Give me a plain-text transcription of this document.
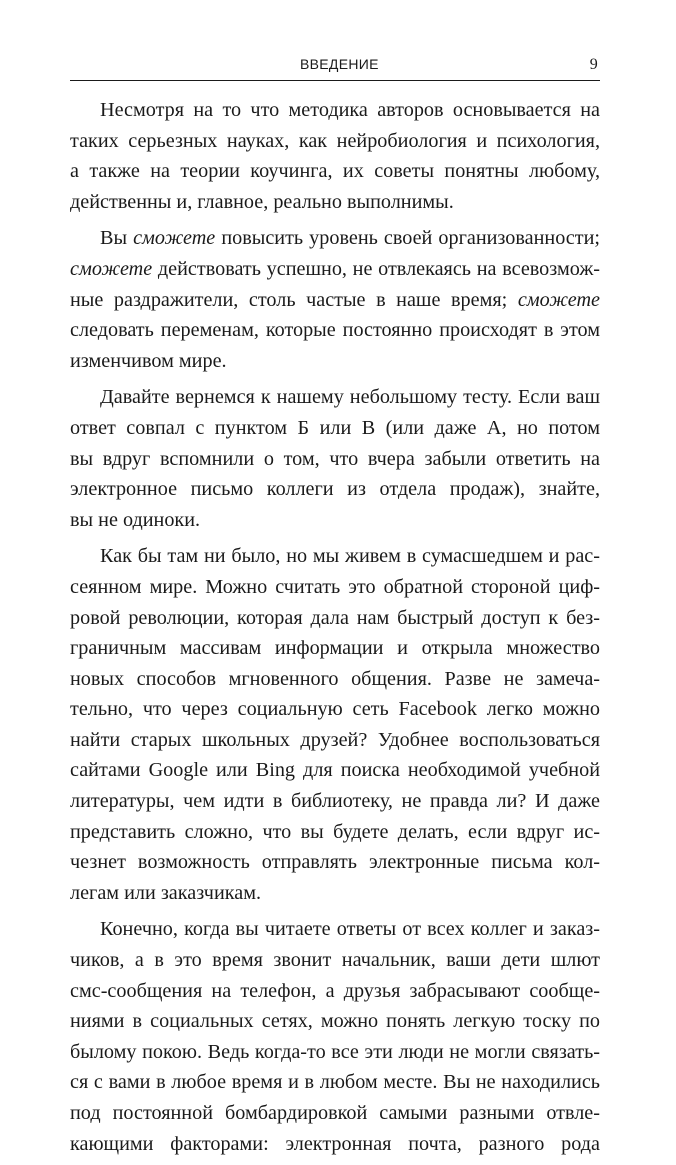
ВВЕДЕНИЕ	9
Несмотря на то что методика авторов основывается на
таких серьезных науках, как нейробиология и психология,
а также на теории коучинга, их советы понятны любому,
действенны и, главное, реально выполнимы.
Вы сможете повысить уровень своей организованности;
сможете действовать успешно, не отвлекаясь на всевозмож-
ные раздражители, столь частые в наше время; сможете
следовать переменам, которые постоянно происходят в этом
изменчивом мире.
Давайте вернемся к нашему небольшому тесту. Если ваш
ответ совпал с пунктом Б или В (или даже А, но потом
вы вдруг вспомнили о том, что вчера забыли ответить на
электронное письмо коллеги из отдела продаж), знайте,
вы не одиноки.
Как бы там ни было, но мы живем в сумасшедшем и рас-
сеянном мире. Можно считать это обратной стороной циф-
ровой революции, которая дала нам быстрый доступ к без-
граничным массивам информации и открыла множество
новых способов мгновенного общения. Разве не замеча-
тельно, что через социальную сеть Facebook легко можно
найти старых школьных друзей? Удобнее воспользоваться
сайтами Google или Bing для поиска необходимой учебной
литературы, чем идти в библиотеку, не правда ли? И даже
представить сложно, что вы будете делать, если вдруг ис-
чезнет возможность отправлять электронные письма кол-
легам или заказчикам.
Конечно, когда вы читаете ответы от всех коллег и заказ-
чиков, а в это время звонит начальник, ваши дети шлют
смс-сообщения на телефон, а друзья забрасывают сообще-
ниями в социальных сетях, можно понять легкую тоску по
былому покою. Ведь когда-то все эти люди не могли связать-
ся с вами в любое время и в любом месте. Вы не находились
под постоянной бомбардировкой самыми разными отвле-
кающими факторами: электронная почта, разного рода
